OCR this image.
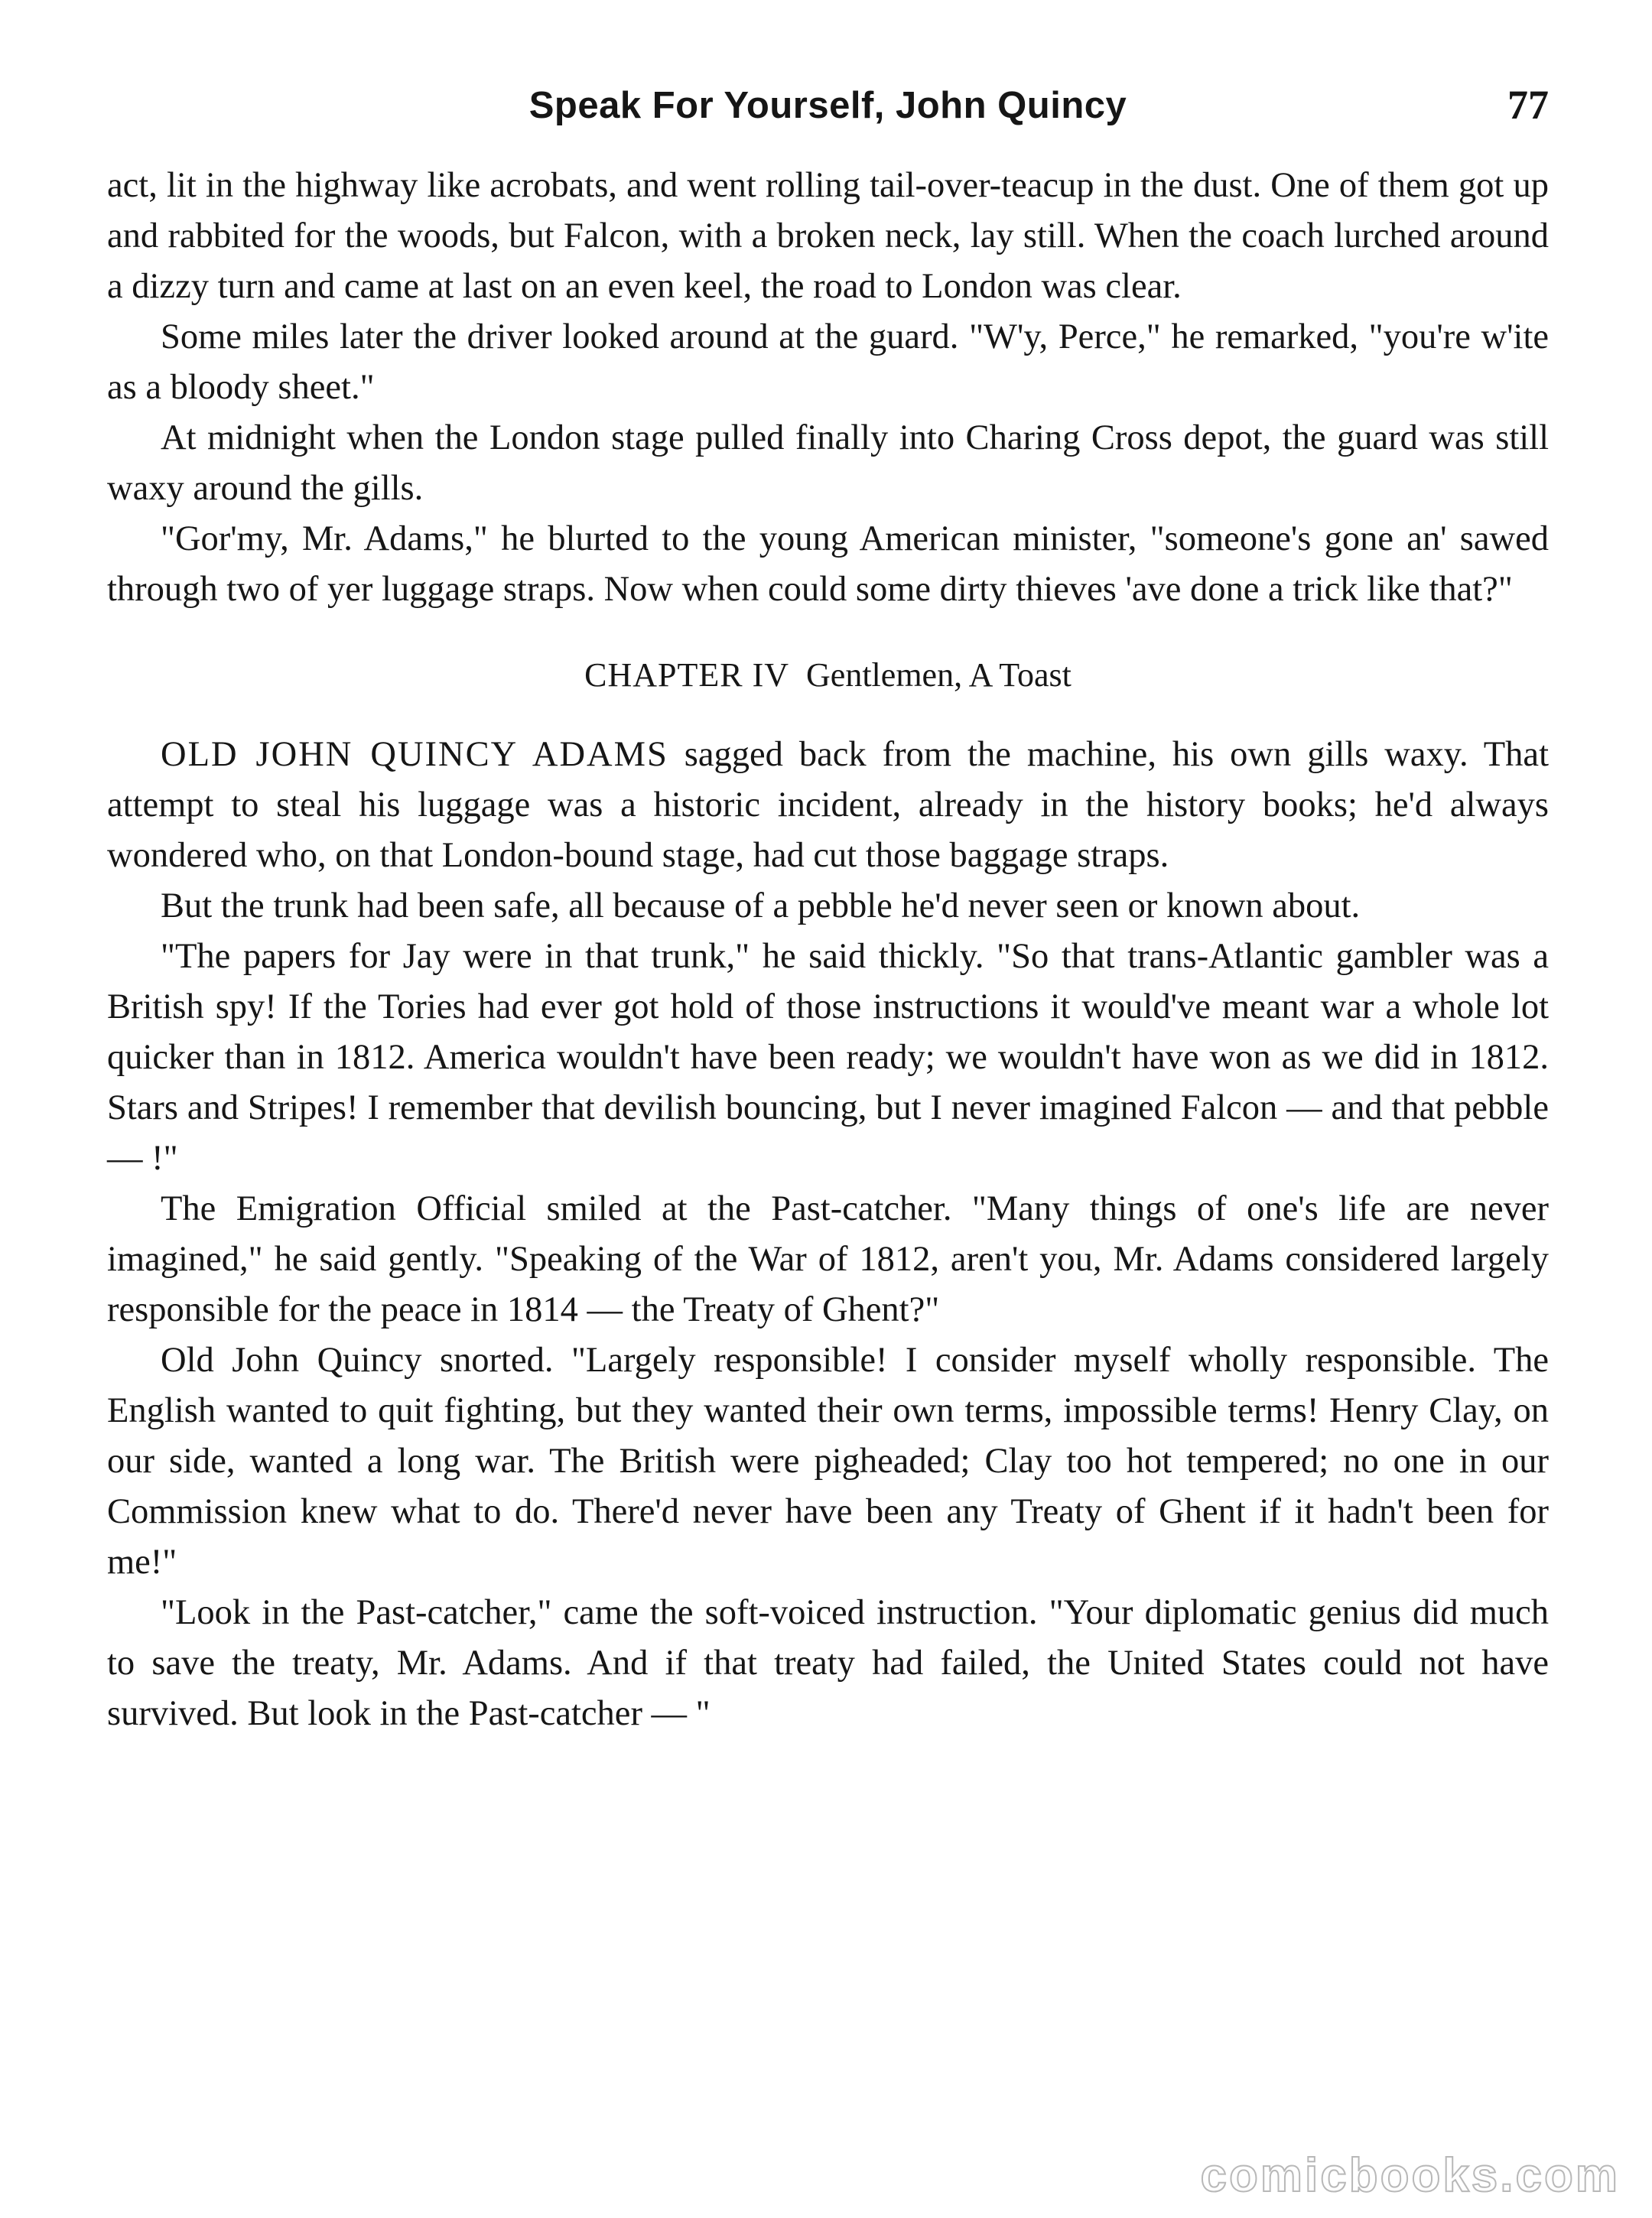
Speak For Yourself, John Quincy	77

act, lit in the highway like acrobats, and went rolling tail-over-teacup in the dust. One of them got up and rabbited for the woods, but Falcon, with a broken neck, lay still. When the coach lurched around a dizzy turn and came at last on an even keel, the road to London was clear.

Some miles later the driver looked around at the guard. "W'y, Perce," he remarked, "you're w'ite as a bloody sheet."

At midnight when the London stage pulled finally into Charing Cross depot, the guard was still waxy around the gills.

"Gor'my, Mr. Adams," he blurted to the young American minister, "someone's gone an' sawed through two of yer luggage straps. Now when could some dirty thieves 'ave done a trick like that?"

CHAPTER IV Gentlemen, A Toast

OLD JOHN QUINCY ADAMS sagged back from the machine, his own gills waxy. That attempt to steal his luggage was a historic incident, already in the history books; he'd always wondered who, on that London-bound stage, had cut those baggage straps.

But the trunk had been safe, all because of a pebble he'd never seen or known about.

"The papers for Jay were in that trunk," he said thickly. "So that trans-Atlantic gambler was a British spy! If the Tories had ever got hold of those instructions it would've meant war a whole lot quicker than in 1812. America wouldn't have been ready; we wouldn't have won as we did in 1812. Stars and Stripes! I remember that devilish bouncing, but I never imagined Falcon — and that pebble — !"

The Emigration Official smiled at the Past-catcher. "Many things of one's life are never imagined," he said gently. "Speaking of the War of 1812, aren't you, Mr. Adams considered largely responsible for the peace in 1814 — the Treaty of Ghent?"

Old John Quincy snorted. "Largely responsible! I consider myself wholly responsible. The English wanted to quit fighting, but they wanted their own terms, impossible terms! Henry Clay, on our side, wanted a long war. The British were pigheaded; Clay too hot tempered; no one in our Commission knew what to do. There'd never have been any Treaty of Ghent if it hadn't been for me!"

"Look in the Past-catcher," came the soft-voiced instruction. "Your diplomatic genius did much to save the treaty, Mr. Adams. And if that treaty had failed, the United States could not have survived. But look in the Past-catcher — "

comicbooks.com
